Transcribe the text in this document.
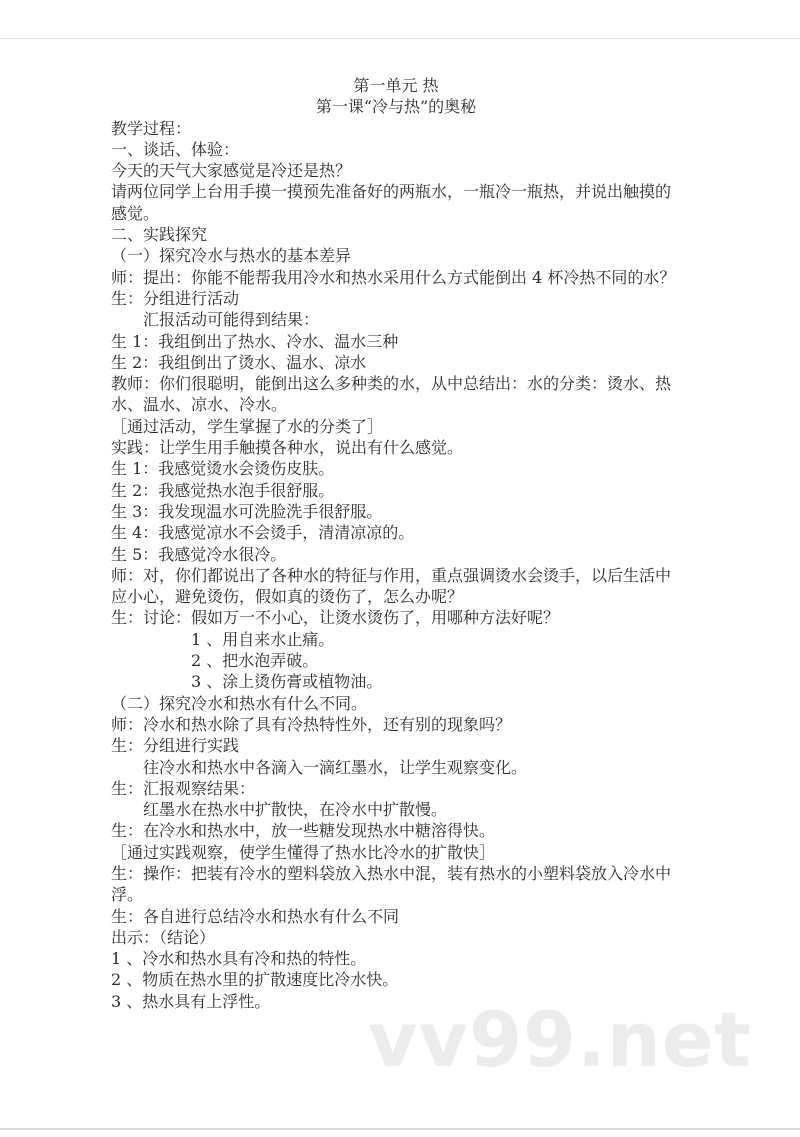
第一单元 热
第一课“冷与热”的奥秘
教学过程：
一、谈话、体验：
今天的天气大家感觉是冷还是热？
请两位同学上台用手摸一摸预先准备好的两瓶水，一瓶冷一瓶热，并说出触摸的
感觉。
二、实践探究
（一）探究冷水与热水的基本差异
师：提出：你能不能帮我用冷水和热水采用什么方式能倒出 4 杯冷热不同的水？
生：分组进行活动
汇报活动可能得到结果：
生 1：我组倒出了热水、冷水、温水三种
生 2：我组倒出了烫水、温水、凉水
教师：你们很聪明，能倒出这么多种类的水，从中总结出：水的分类：烫水、热
水、温水、凉水、冷水。
［通过活动，学生掌握了水的分类了］
实践：让学生用手触摸各种水，说出有什么感觉。
生 1：我感觉烫水会烫伤皮肤。
生 2：我感觉热水泡手很舒服。
生 3：我发现温水可洗脸洗手很舒服。
生 4：我感觉凉水不会烫手，清清凉凉的。
生 5：我感觉冷水很冷。
师：对，你们都说出了各种水的特征与作用，重点强调烫水会烫手，以后生活中
应小心，避免烫伤，假如真的烫伤了，怎么办呢？
生：讨论：假如万一不小心，让烫水烫伤了，用哪种方法好呢？
1 、用自来水止痛。
2 、把水泡弄破。
3 、涂上烫伤膏或植物油。
（二）探究冷水和热水有什么不同。
师：冷水和热水除了具有冷热特性外，还有别的现象吗？
生：分组进行实践
往冷水和热水中各滴入一滴红墨水，让学生观察变化。
生：汇报观察结果：
红墨水在热水中扩散快，在冷水中扩散慢。
生：在冷水和热水中，放一些糖发现热水中糖溶得快。
［通过实践观察，使学生懂得了热水比冷水的扩散快］
生：操作：把装有冷水的塑料袋放入热水中混，装有热水的小塑料袋放入冷水中
浮。
生：各自进行总结冷水和热水有什么不同
出示：（结论）
1 、冷水和热水具有冷和热的特性。
2 、物质在热水里的扩散速度比冷水快。
3 、热水具有上浮性。	vv99.net
